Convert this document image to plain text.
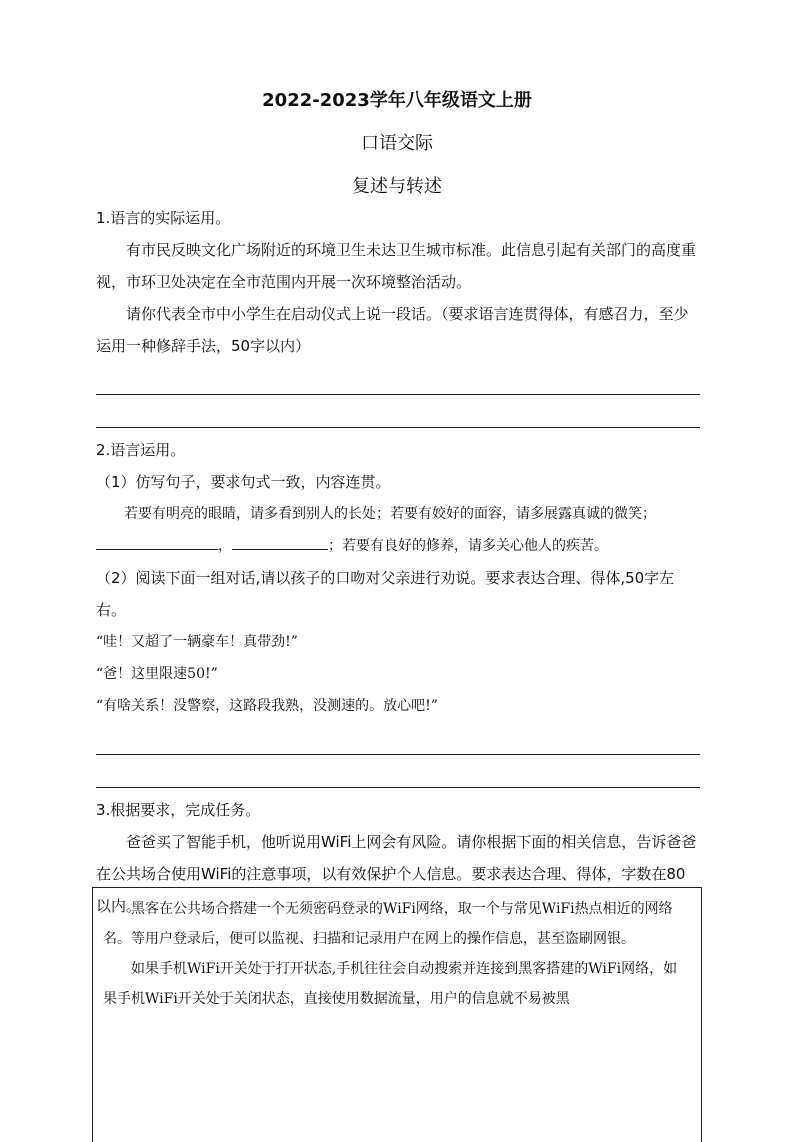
2022-2023学年八年级语文上册
口语交际
复述与转述

1.语言的实际运用。

有市民反映文化广场附近的环境卫生未达卫生城市标准。此信息引起有关部门的高度重视，市环卫处决定在全市范围内开展一次环境整治活动。

请你代表全市中小学生在启动仪式上说一段话。（要求语言连贯得体，有感召力，至少运用一种修辞手法，50字以内）

2.语言运用。

（1）仿写句子，要求句式一致，内容连贯。

若要有明亮的眼睛，请多看到别人的长处；若要有姣好的面容，请多展露真诚的微笑；，	；若要有良好的修养，请多关心他人的疾苦。

（2）阅读下面一组对话,请以孩子的口吻对父亲进行劝说。要求表达合理、得体,50字左右。

“哇！又超了一辆豪车！真带劲!”

“爸！这里限速50!”

“有啥关系！没警察，这路段我熟，没测速的。放心吧!”

3.根据要求，完成任务。

爸爸买了智能手机，他听说用WiFi上网会有风险。请你根据下面的相关信息，告诉爸爸在公共场合使用WiFi的注意事项，以有效保护个人信息。要求表达合理、得体，字数在80以内。

黑客在公共场合搭建一个无须密码登录的WiFi网络，取一个与常见WiFi热点相近的网络名。等用户登录后，便可以监视、扫描和记录用户在网上的操作信息，甚至盗刷网银。

如果手机WiFi开关处于打开状态,手机往往会自动搜索并连接到黑客搭建的WiFi网络，如果手机WiFi开关处于关闭状态，直接使用数据流量，用户的信息就不易被黑
